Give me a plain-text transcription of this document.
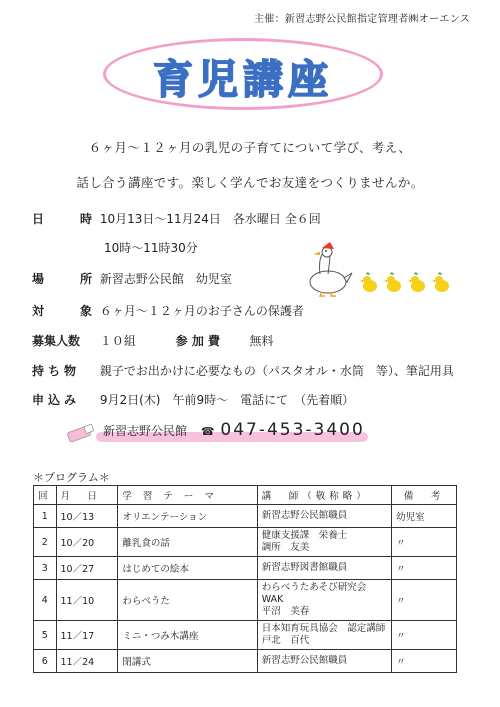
主催：新習志野公民館指定管理者㈱オーエンス
育児講座
６ヶ月〜１２ヶ月の乳児の子育てについて学び、考え、
話し合う講座です。楽しく学んでお友達をつくりませんか。
日　時 10月13日〜11月24日　各水曜日 全６回
10時〜11時30分
場　所 新習志野公民館　幼児室
対　象 ６ヶ月〜１２ヶ月のお子さんの保護者
募集人数 １０組	参 加 費 無料
持ち物 親子でお出かけに必要なもの（パスタオル・水筒　等）、筆記用具
申込み 9月2日(木)　午前9時〜　電話にて　（先着順）
新習志野公民館 ☎ 047-453-3400
＊プログラム＊
回	月　日	学 習 テ ー マ	講　師（敬称略）	備　考
1	10／13	オリエンテーション	新習志野公民館職員	幼児室
2	10／20	離乳食の話	健康支援課　栄養士
調所　友美	〃
3	10／27	はじめての絵本	新習志野図書館職員	〃
4	11／10	わらべうた	わらべうたあそび研究会 WAK
平沼　美春	〃
5	11／17	ミニ・つみ木講座	日本知育玩具協会　認定講師
戸北　百代	〃
6	11／24	閉講式	新習志野公民館職員	〃
